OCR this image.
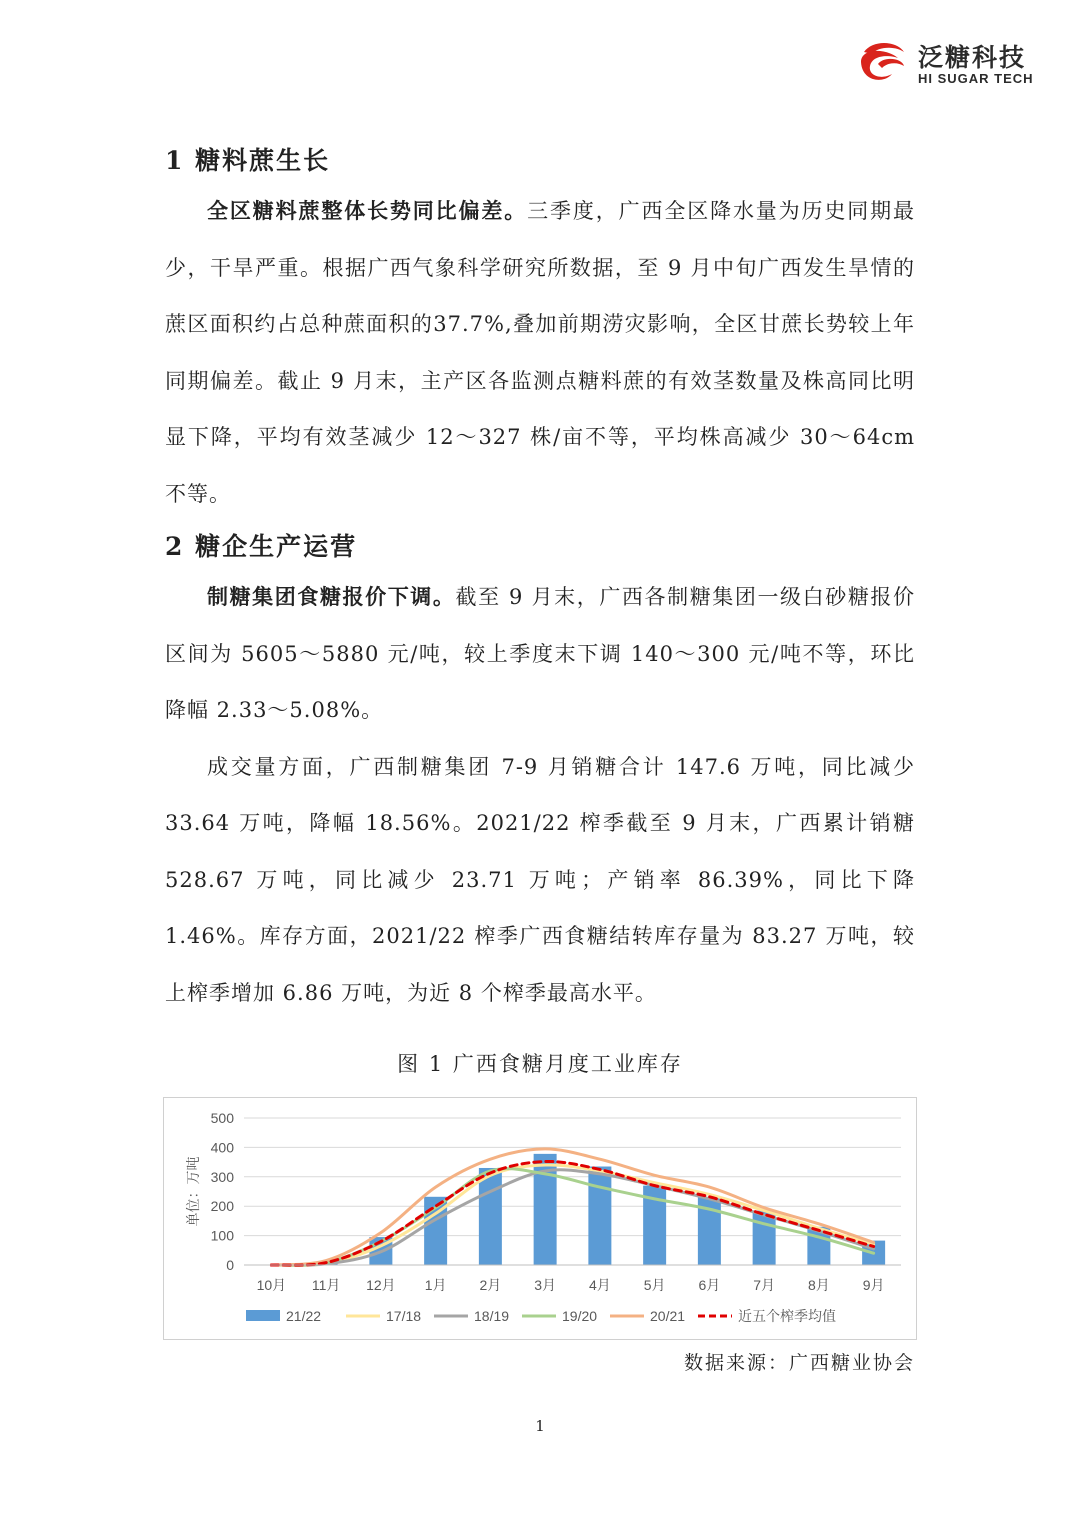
泛糖科技
HI SUGAR TECH
1 糖料蔗生长

全区糖料蔗整体长势同比偏差。三季度，广西全区降水量为历史同期最少，干旱严重。根据广西气象科学研究所数据，至 9 月中旬广西发生旱情的蔗区面积约占总种蔗面积的37.7%,叠加前期涝灾影响，全区甘蔗长势较上年同期偏差。截止 9 月末，主产区各监测点糖料蔗的有效茎数量及株高同比明显下降，平均有效茎减少 12～327 株/亩不等，平均株高减少 30～64cm 不等。

2 糖企生产运营

制糖集团食糖报价下调。截至 9 月末，广西各制糖集团一级白砂糖报价区间为 5605～5880 元/吨，较上季度末下调 140～300 元/吨不等，环比降幅 2.33～5.08%。

成交量方面，广西制糖集团 7-9 月销糖合计 147.6 万吨，同比减少 33.64 万吨，降幅 18.56%。2021/22 榨季截至 9 月末，广西累计销糖 528.67 万吨，同比减少 23.71 万吨；产销率 86.39%，同比下降 1.46%。库存方面，2021/22 榨季广西食糖结转库存量为 83.27 万吨，较上榨季增加 6.86 万吨，为近 8 个榨季最高水平。

图 1 广西食糖月度工业库存
0
100
200
300
400
500
单位：万吨
10月 11月 12月 1月 2月 3月 4月 5月 6月 7月 8月 9月
21/22	17/18	18/19	19/20	20/21	近五个榨季均值
数据来源：广西糖业协会
1
